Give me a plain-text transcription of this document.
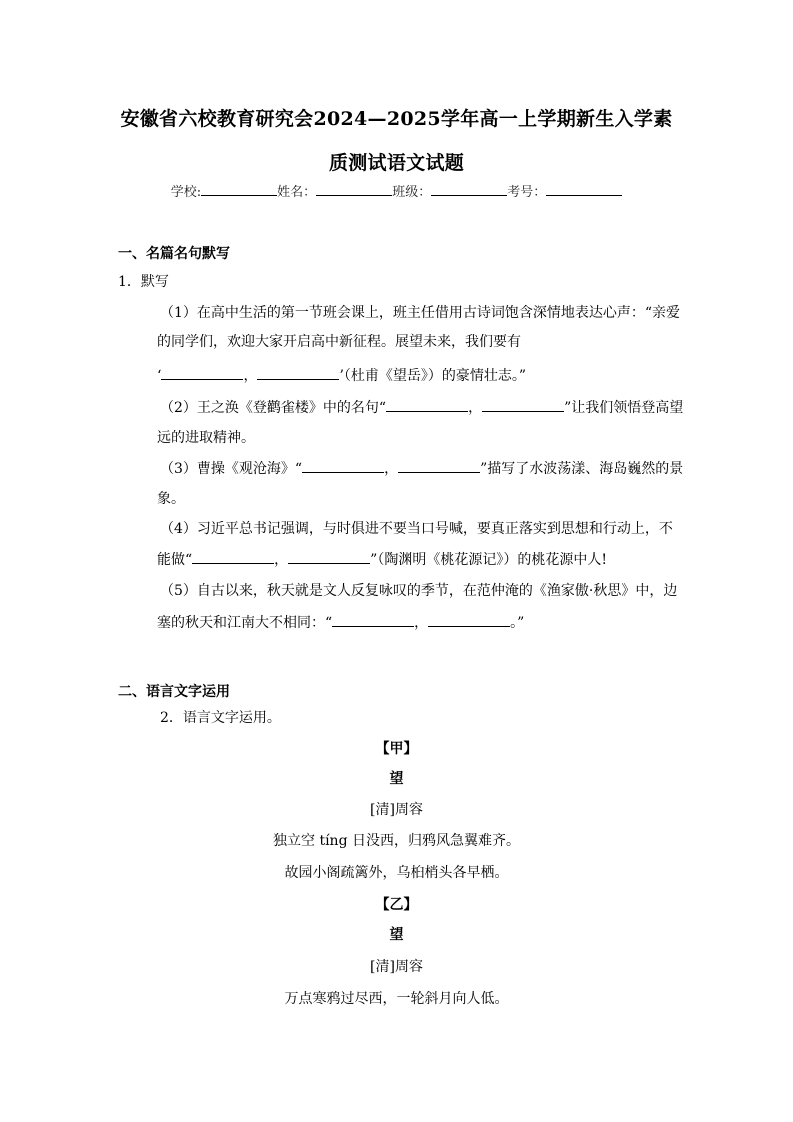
安徽省六校教育研究会2024—2025学年高一上学期新生入学素
质测试语文试题
学校:	姓名：	班级：	考号：
一、名篇名句默写
1．默写
（1）在高中生活的第一节班会课上，班主任借用古诗词饱含深情地表达心声：“亲爱
的同学们，欢迎大家开启高中新征程。展望未来，我们要有
‘	，	’（杜甫《望岳》）的豪情壮志。”
（2）王之涣《登鹳雀楼》中的名句“	，	”让我们领悟登高望
远的进取精神。
（3）曹操《观沧海》“	，	”描写了水波荡漾、海岛巍然的景
象。
（4）习近平总书记强调，与时俱进不要当口号喊，要真正落实到思想和行动上，不
能做“	，	”（陶渊明《桃花源记》）的桃花源中人!
（5）自古以来，秋天就是文人反复咏叹的季节，在范仲淹的《渔家傲·秋思》中，边
塞的秋天和江南大不相同：“	，	。”
二、语言文字运用
2．语言文字运用。
【甲】
望
[清]周容
独立空 tíng 日没西，归鸦风急翼难齐。
故园小阁疏篱外，乌桕梢头各早栖。
【乙】
望
[清]周容
万点寒鸦过尽西，一轮斜月向人低。
